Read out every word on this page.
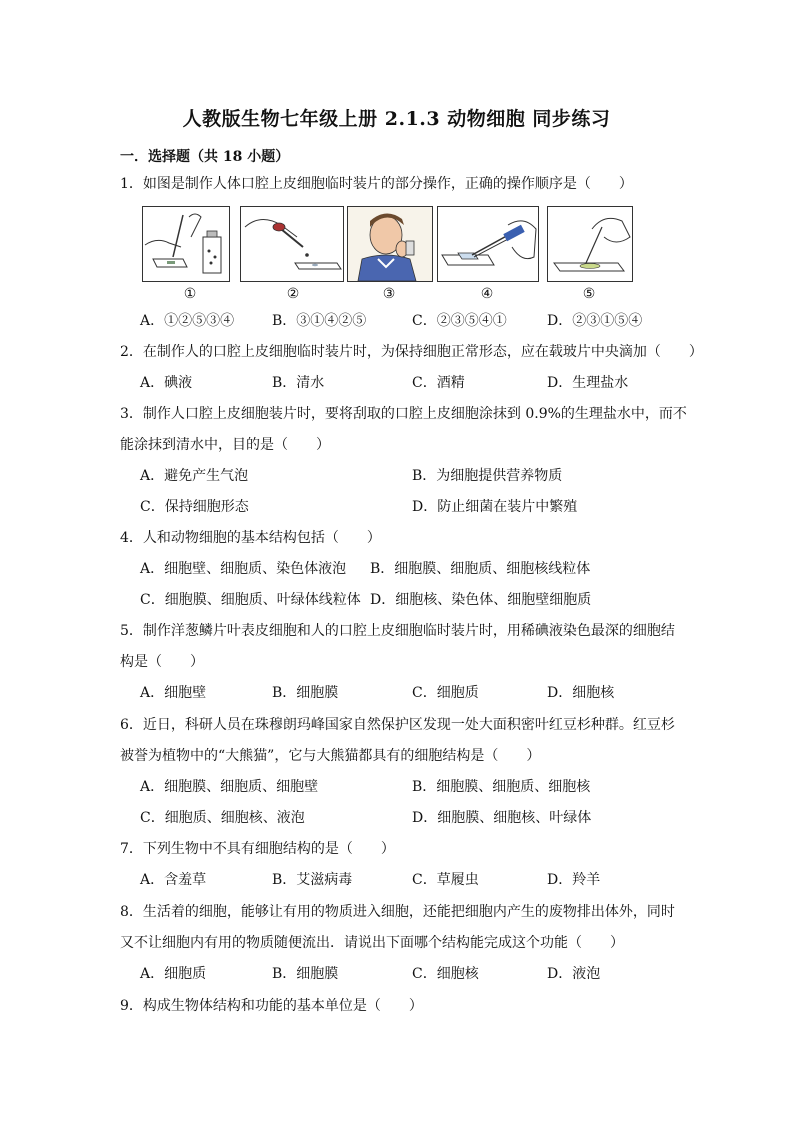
人教版生物七年级上册 2.1.3 动物细胞 同步练习
一．选择题（共 18 小题）
1．如图是制作人体口腔上皮细胞临时装片的部分操作，正确的操作顺序是（　　）
①	②	③	④	⑤
A．①②⑤③④	B．③①④②⑤	C．②③⑤④①	D．②③①⑤④
2．在制作人的口腔上皮细胞临时装片时，为保持细胞正常形态，应在载玻片中央滴加（　　）
A．碘液	B．清水	C．酒精	D．生理盐水
3．制作人口腔上皮细胞装片时，要将刮取的口腔上皮细胞涂抹到 0.9%的生理盐水中，而不
能涂抹到清水中，目的是（　　）
A．避免产生气泡	B．为细胞提供营养物质
C．保持细胞形态	D．防止细菌在装片中繁殖
4．人和动物细胞的基本结构包括（　　）
A．细胞壁、细胞质、染色体液泡 B．细胞膜、细胞质、细胞核线粒体
C．细胞膜、细胞质、叶绿体线粒体 D．细胞核、染色体、细胞壁细胞质
5．制作洋葱鳞片叶表皮细胞和人的口腔上皮细胞临时装片时，用稀碘液染色最深的细胞结
构是（　　）
A．细胞壁	B．细胞膜	C．细胞质	D．细胞核
6．近日，科研人员在珠穆朗玛峰国家自然保护区发现一处大面积密叶红豆杉种群。红豆杉
被誉为植物中的“大熊猫”，它与大熊猫都具有的细胞结构是（　　）
A．细胞膜、细胞质、细胞壁	B．细胞膜、细胞质、细胞核
C．细胞质、细胞核、液泡	D．细胞膜、细胞核、叶绿体
7．下列生物中不具有细胞结构的是（　　）
A．含羞草	B．艾滋病毒	C．草履虫	D．羚羊
8．生活着的细胞，能够让有用的物质进入细胞，还能把细胞内产生的废物排出体外，同时
又不让细胞内有用的物质随便流出．请说出下面哪个结构能完成这个功能（　　）
A．细胞质	B．细胞膜	C．细胞核	D．液泡
9．构成生物体结构和功能的基本单位是（　　）
